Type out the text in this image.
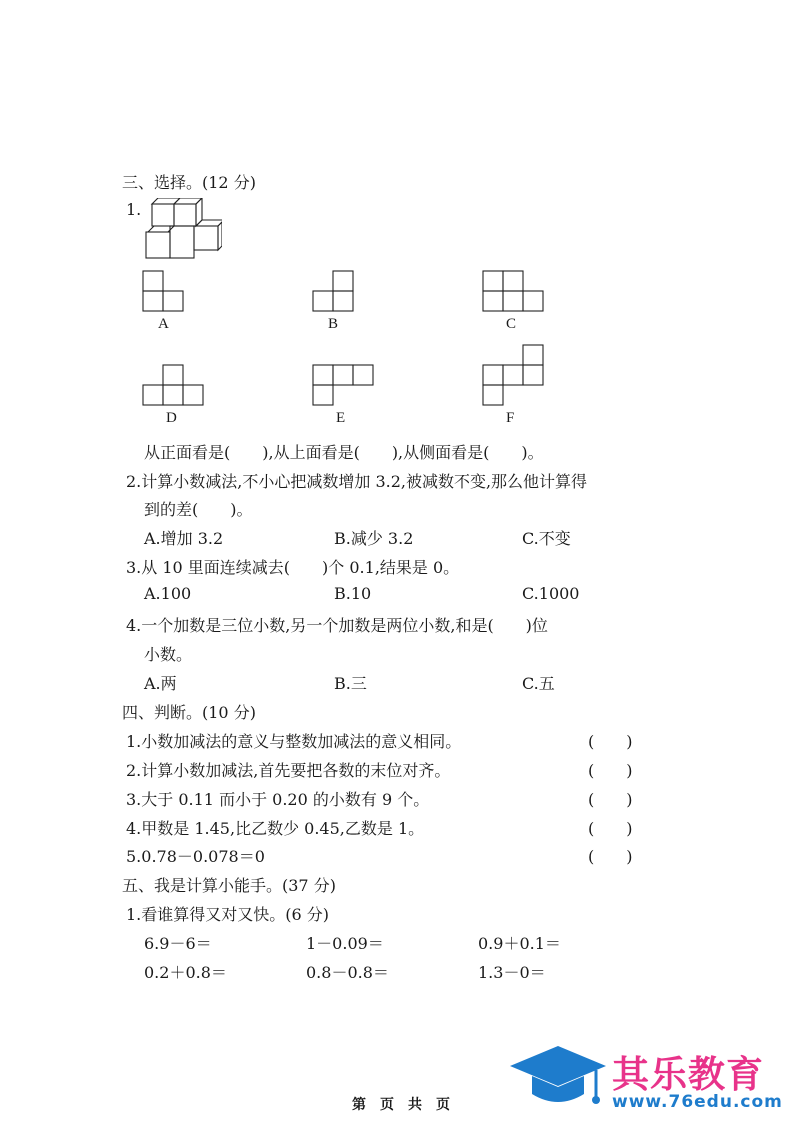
三、选择。(12 分)
1.
A	B	C
D	E	F
从正面看是(　　),从上面看是(　　),从侧面看是(　　)。
2.计算小数减法,不小心把减数增加 3.2,被减数不变,那么他计算得
到的差(　　)。
A.增加 3.2	B.减少 3.2	C.不变
3.从 10 里面连续减去(　　)个 0.1,结果是 0。
A.100	B.10	C.1000
4.一个加数是三位小数,另一个加数是两位小数,和是(　　)位
小数。
A.两	B.三	C.五
四、判断。(10 分)
1.小数加减法的意义与整数加减法的意义相同。	(　　)
2.计算小数加减法,首先要把各数的末位对齐。	(　　)
3.大于 0.11 而小于 0.20 的小数有 9 个。	(　　)
4.甲数是 1.45,比乙数少 0.45,乙数是 1。	(　　)
5.0.78－0.078＝0	(　　)
五、我是计算小能手。(37 分)
1.看谁算得又对又快。(6 分)
6.9－6＝	1－0.09＝	0.9＋0.1＝
0.2＋0.8＝	0.8－0.8＝	1.3－0＝
第　页　共　页
其乐教育
www.76edu.com
